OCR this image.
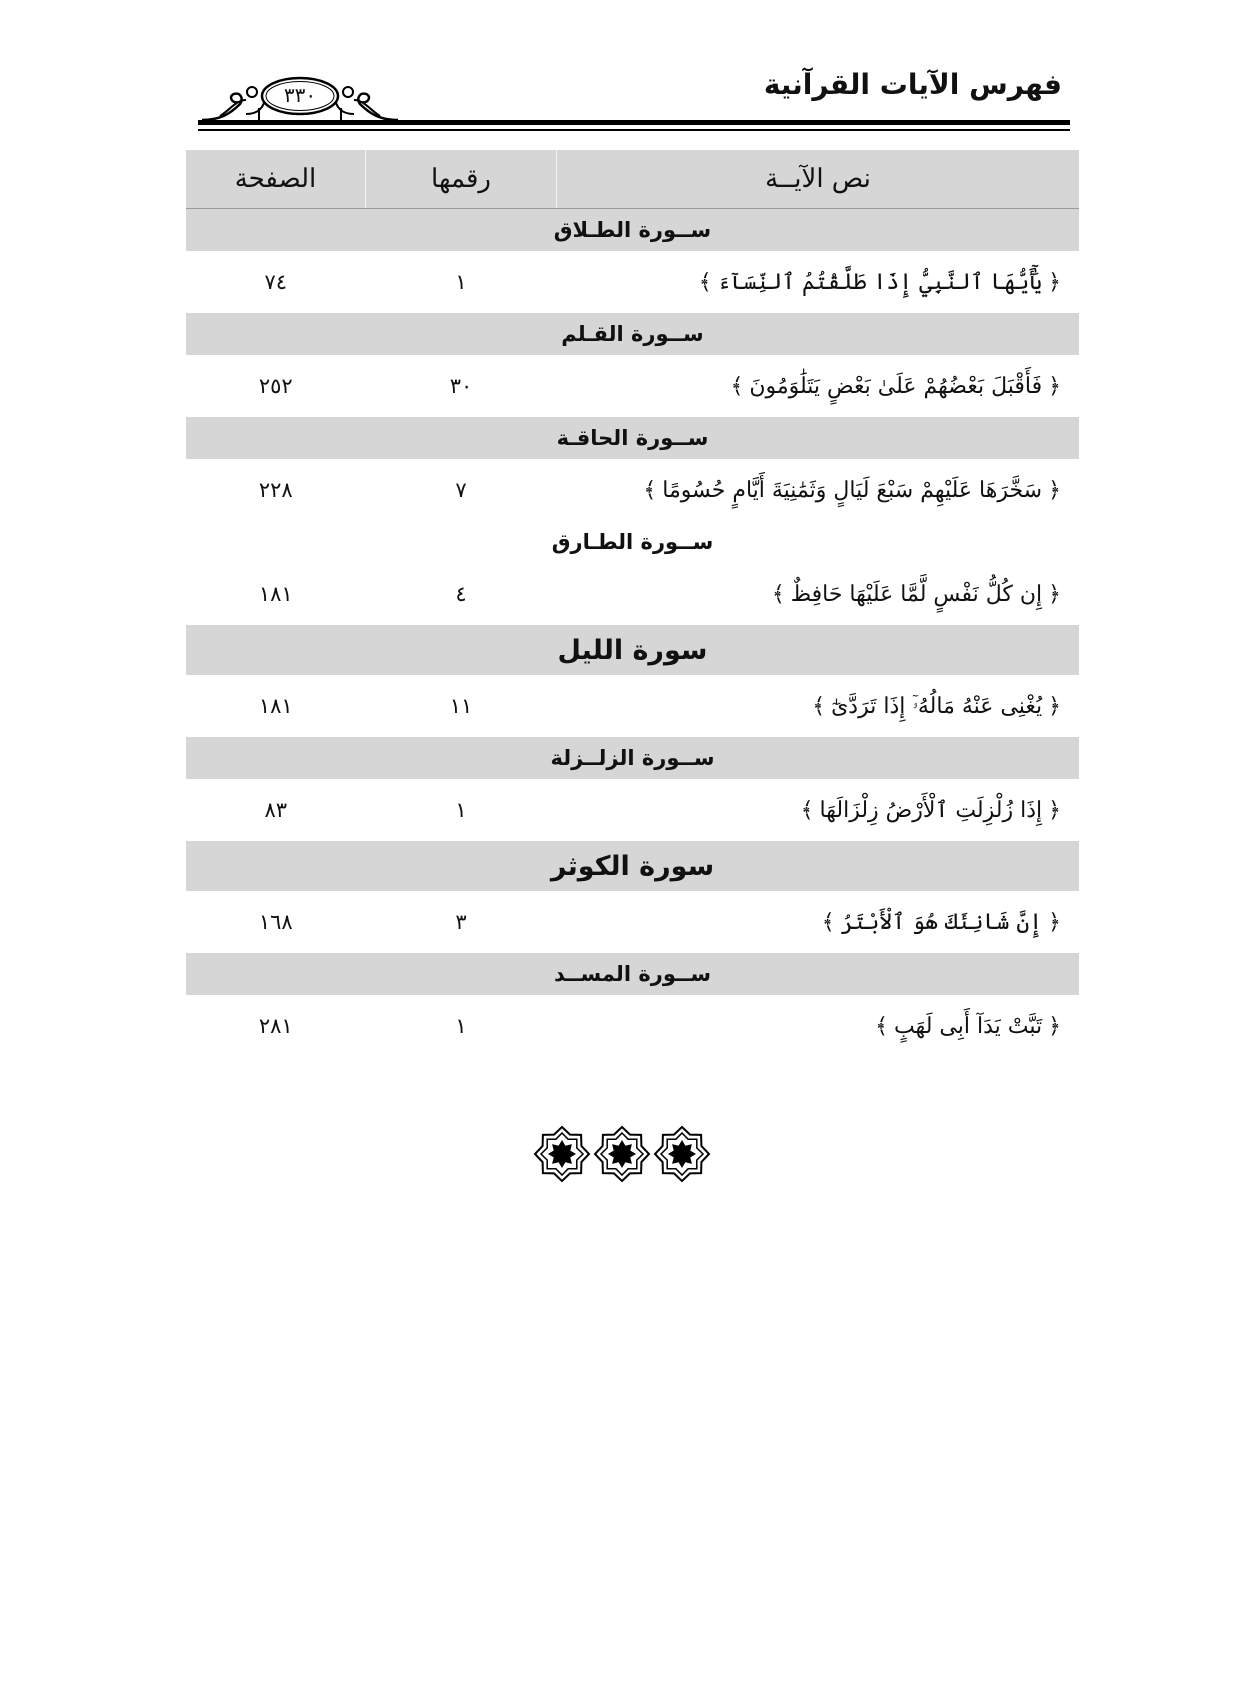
فهرس الآيات القرآنية
٣٣٠
نص الآيــة	رقمها	الصفحة
ســورة الطـلاق		
﴿يَٰٓأَيُّهَا ٱلنَّبِيُّ إِذَا طَلَّقْتُمُ ٱلنِّسَآءَ﴾	١	٧٤
ســورة القـلم		
﴿فَأَقْبَلَ بَعْضُهُمْ عَلَىٰ بَعْضٍ يَتَلَٰوَمُونَ﴾	٣٠	٢٥٢
ســورة الحاقـة		
﴿سَخَّرَهَا عَلَيْهِمْ سَبْعَ لَيَالٍ وَثَمَٰنِيَةَ أَيَّامٍ حُسُومًا﴾	٧	٢٢٨
ســورة الطـارق		
﴿إِن كُلُّ نَفْسٍ لَّمَّا عَلَيْهَا حَافِظٌ﴾	٤	١٨١
سورة الليل		
﴿يُغْنِى عَنْهُ مَالُهُۥٓ إِذَا تَرَدَّىٰٓ﴾	١١	١٨١
ســورة الزلــزلة		
﴿إِذَا زُلْزِلَتِ ٱلْأَرْضُ زِلْزَالَهَا﴾	١	٨٣
سورة الكوثر		
﴿إِنَّ شَانِئَكَ هُوَ ٱلْأَبْتَرُ﴾	٣	١٦٨
ســورة المســد		
﴿تَبَّتْ يَدَآ أَبِى لَهَبٍ﴾	١	٢٨١
